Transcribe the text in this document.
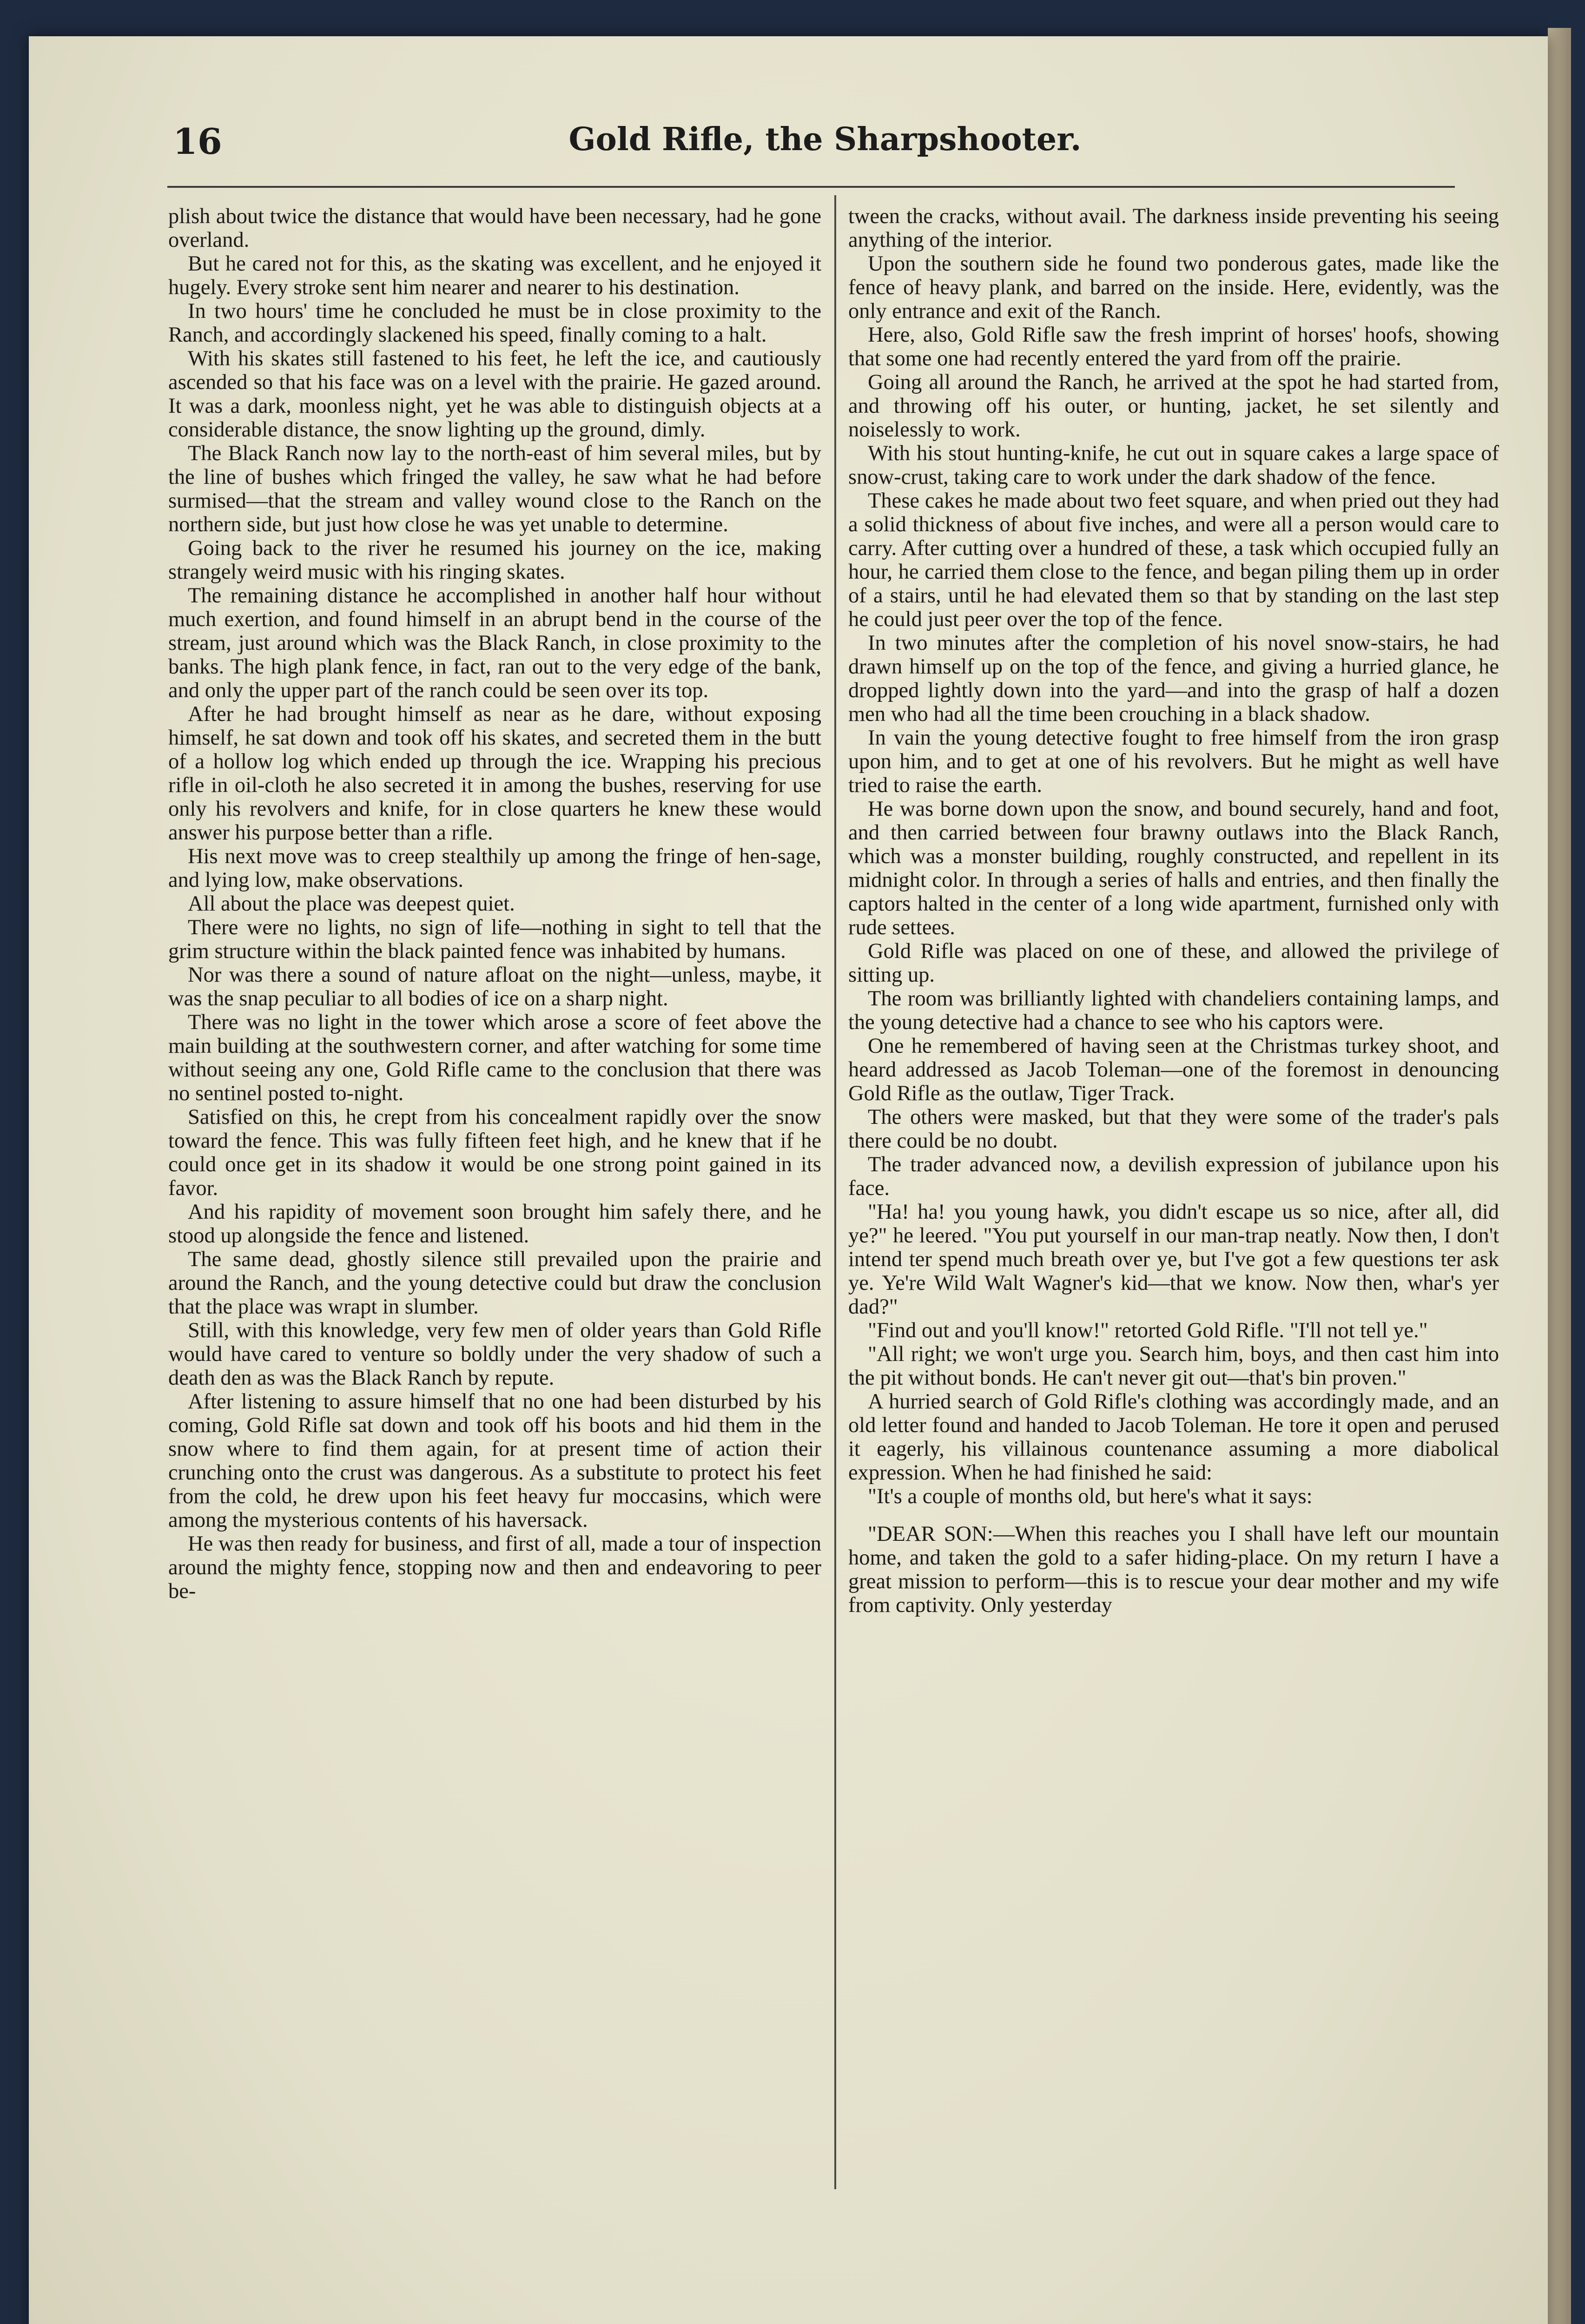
16	Gold Rifle, the Sharpshooter.

plish about twice the distance that would have been necessary, had he gone overland.

But he cared not for this, as the skating was excellent, and he enjoyed it hugely. Every stroke sent him nearer and nearer to his destination.

In two hours' time he concluded he must be in close proximity to the Ranch, and accordingly slackened his speed, finally coming to a halt.

With his skates still fastened to his feet, he left the ice, and cautiously ascended so that his face was on a level with the prairie. He gazed around. It was a dark, moonless night, yet he was able to distinguish objects at a considerable distance, the snow lighting up the ground, dimly.

The Black Ranch now lay to the north-east of him several miles, but by the line of bushes which fringed the valley, he saw what he had before surmised—that the stream and valley wound close to the Ranch on the northern side, but just how close he was yet unable to determine.

Going back to the river he resumed his journey on the ice, making strangely weird music with his ringing skates.

The remaining distance he accomplished in another half hour without much exertion, and found himself in an abrupt bend in the course of the stream, just around which was the Black Ranch, in close proximity to the banks. The high plank fence, in fact, ran out to the very edge of the bank, and only the upper part of the ranch could be seen over its top.

After he had brought himself as near as he dare, without exposing himself, he sat down and took off his skates, and secreted them in the butt of a hollow log which ended up through the ice. Wrapping his precious rifle in oil-cloth he also secreted it in among the bushes, reserving for use only his revolvers and knife, for in close quarters he knew these would answer his purpose better than a rifle.

His next move was to creep stealthily up among the fringe of hen-sage, and lying low, make observations.

All about the place was deepest quiet.

There were no lights, no sign of life—nothing in sight to tell that the grim structure within the black painted fence was inhabited by humans.

Nor was there a sound of nature afloat on the night—unless, maybe, it was the snap peculiar to all bodies of ice on a sharp night.

There was no light in the tower which arose a score of feet above the main building at the southwestern corner, and after watching for some time without seeing any one, Gold Rifle came to the conclusion that there was no sentinel posted to-night.

Satisfied on this, he crept from his concealment rapidly over the snow toward the fence. This was fully fifteen feet high, and he knew that if he could once get in its shadow it would be one strong point gained in its favor.

And his rapidity of movement soon brought him safely there, and he stood up alongside the fence and listened.

The same dead, ghostly silence still prevailed upon the prairie and around the Ranch, and the young detective could but draw the conclusion that the place was wrapt in slumber.

Still, with this knowledge, very few men of older years than Gold Rifle would have cared to venture so boldly under the very shadow of such a death den as was the Black Ranch by repute.

After listening to assure himself that no one had been disturbed by his coming, Gold Rifle sat down and took off his boots and hid them in the snow where to find them again, for at present time of action their crunching onto the crust was dangerous. As a substitute to protect his feet from the cold, he drew upon his feet heavy fur moccasins, which were among the mysterious contents of his haversack.

He was then ready for business, and first of all, made a tour of inspection around the mighty fence, stopping now and then and endeavoring to peer be-

tween the cracks, without avail. The darkness inside preventing his seeing anything of the interior.

Upon the southern side he found two ponderous gates, made like the fence of heavy plank, and barred on the inside. Here, evidently, was the only entrance and exit of the Ranch.

Here, also, Gold Rifle saw the fresh imprint of horses' hoofs, showing that some one had recently entered the yard from off the prairie.

Going all around the Ranch, he arrived at the spot he had started from, and throwing off his outer, or hunting, jacket, he set silently and noiselessly to work.

With his stout hunting-knife, he cut out in square cakes a large space of snow-crust, taking care to work under the dark shadow of the fence.

These cakes he made about two feet square, and when pried out they had a solid thickness of about five inches, and were all a person would care to carry. After cutting over a hundred of these, a task which occupied fully an hour, he carried them close to the fence, and began piling them up in order of a stairs, until he had elevated them so that by standing on the last step he could just peer over the top of the fence.

In two minutes after the completion of his novel snow-stairs, he had drawn himself up on the top of the fence, and giving a hurried glance, he dropped lightly down into the yard—and into the grasp of half a dozen men who had all the time been crouching in a black shadow.

In vain the young detective fought to free himself from the iron grasp upon him, and to get at one of his revolvers. But he might as well have tried to raise the earth.

He was borne down upon the snow, and bound securely, hand and foot, and then carried between four brawny outlaws into the Black Ranch, which was a monster building, roughly constructed, and repellent in its midnight color. In through a series of halls and entries, and then finally the captors halted in the center of a long wide apartment, furnished only with rude settees.

Gold Rifle was placed on one of these, and allowed the privilege of sitting up.

The room was brilliantly lighted with chandeliers containing lamps, and the young detective had a chance to see who his captors were.

One he remembered of having seen at the Christmas turkey shoot, and heard addressed as Jacob Toleman—one of the foremost in denouncing Gold Rifle as the outlaw, Tiger Track.

The others were masked, but that they were some of the trader's pals there could be no doubt.

The trader advanced now, a devilish expression of jubilance upon his face.

"Ha! ha! you young hawk, you didn't escape us so nice, after all, did ye?" he leered. "You put yourself in our man-trap neatly. Now then, I don't intend ter spend much breath over ye, but I've got a few questions ter ask ye. Ye're Wild Walt Wagner's kid—that we know. Now then, whar's yer dad?"

"Find out and you'll know!" retorted Gold Rifle. "I'll not tell ye."

"All right; we won't urge you. Search him, boys, and then cast him into the pit without bonds. He can't never git out—that's bin proven."

A hurried search of Gold Rifle's clothing was accordingly made, and an old letter found and handed to Jacob Toleman. He tore it open and perused it eagerly, his villainous countenance assuming a more diabolical expression. When he had finished he said:

"It's a couple of months old, but here's what it says:

"DEAR SON:—When this reaches you I shall have left our mountain home, and taken the gold to a safer hiding-place. On my return I have a great mission to perform—this is to rescue your dear mother and my wife from captivity. Only yesterday
